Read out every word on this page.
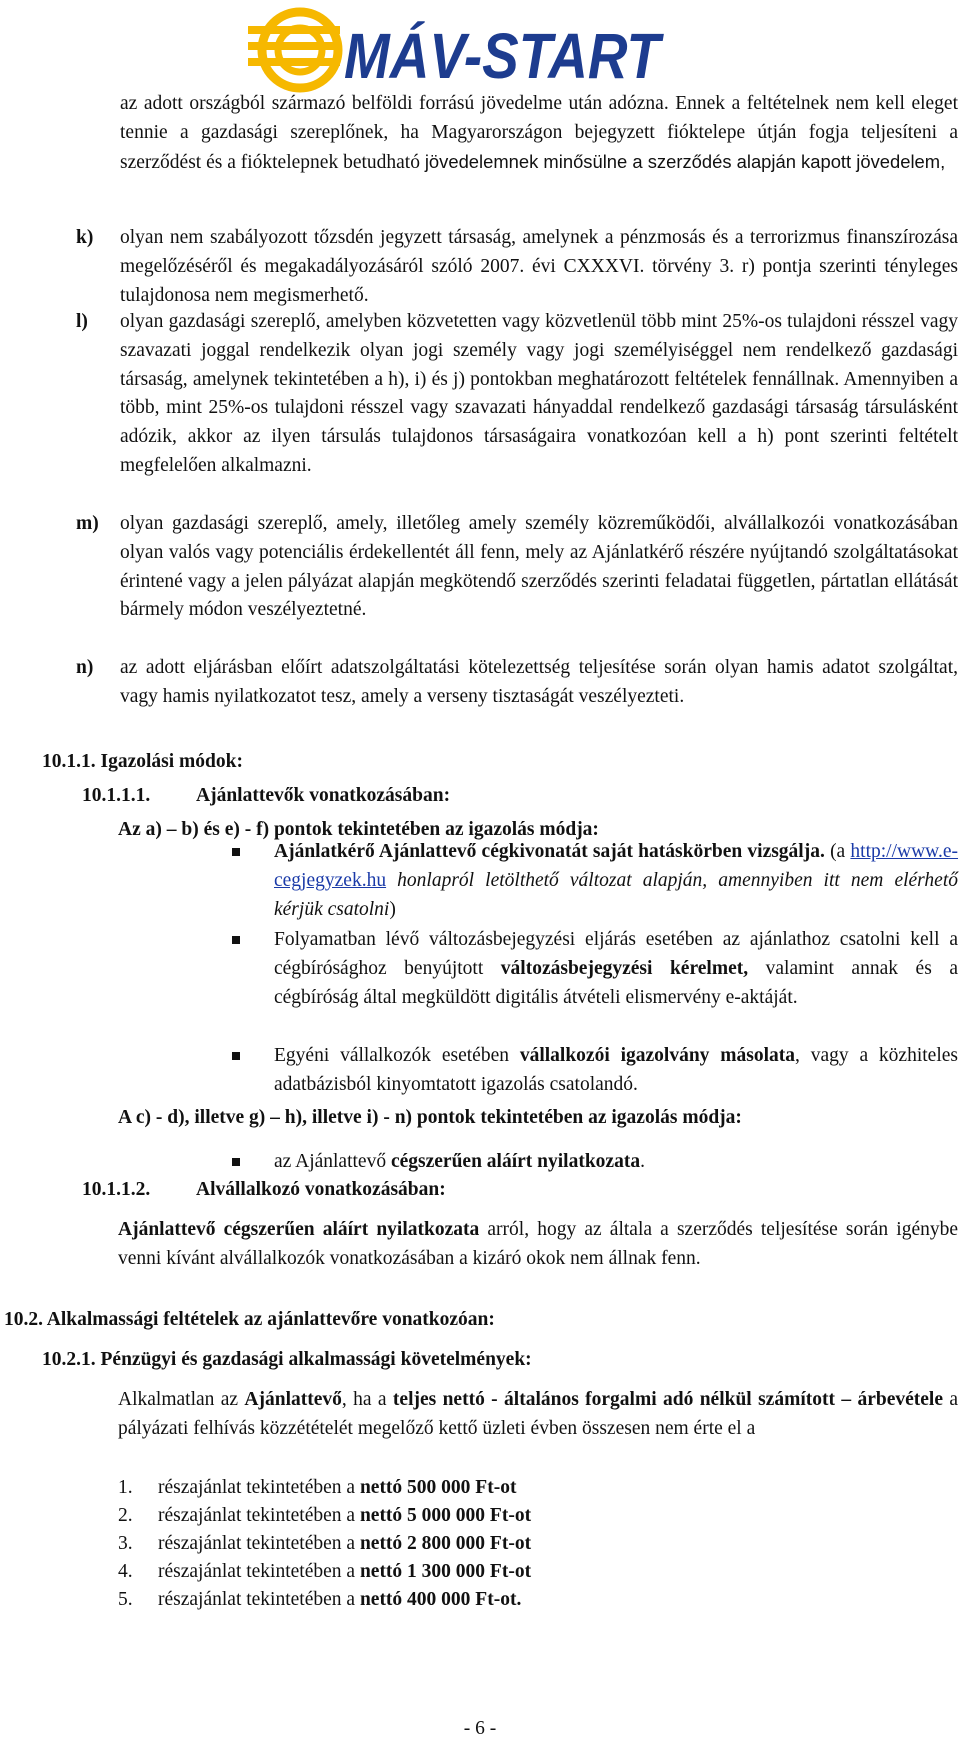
MÁV-START
az adott országból származó belföldi forrású jövedelme után adózna. Ennek a feltételnek nem kell eleget tennie a gazdasági szereplőnek, ha Magyarországon bejegyzett fióktelepe útján fogja teljesíteni a szerződést és a fióktelepnek betudható jövedelemnek minősülne a szerződés alapján kapott jövedelem,
k) olyan nem szabályozott tőzsdén jegyzett társaság, amelynek a pénzmosás és a terrorizmus finanszírozása megelőzéséről és megakadályozásáról szóló 2007. évi CXXXVI. törvény 3. r) pontja szerinti tényleges tulajdonosa nem megismerhető.
l) olyan gazdasági szereplő, amelyben közvetetten vagy közvetlenül több mint 25%-os tulajdoni résszel vagy szavazati joggal rendelkezik olyan jogi személy vagy jogi személyiséggel nem rendelkező gazdasági társaság, amelynek tekintetében a h), i) és j) pontokban meghatározott feltételek fennállnak. Amennyiben a több, mint 25%-os tulajdoni résszel vagy szavazati hányaddal rendelkező gazdasági társaság társulásként adózik, akkor az ilyen társulás tulajdonos társaságaira vonatkozóan kell a h) pont szerinti feltételt megfelelően alkalmazni.
m) olyan gazdasági szereplő, amely, illetőleg amely személy közreműködői, alvállalkozói vonatkozásában olyan valós vagy potenciális érdekellentét áll fenn, mely az Ajánlatkérő részére nyújtandó szolgáltatásokat érintené vagy a jelen pályázat alapján megkötendő szerződés szerinti feladatai független, pártatlan ellátását bármely módon veszélyeztetné.
n) az adott eljárásban előírt adatszolgáltatási kötelezettség teljesítése során olyan hamis adatot szolgáltat, vagy hamis nyilatkozatot tesz, amely a verseny tisztaságát veszélyezteti.
10.1.1. Igazolási módok:
10.1.1.1. Ajánlattevők vonatkozásában:
Az a) – b) és e) - f) pontok tekintetében az igazolás módja:
Ajánlatkérő Ajánlattevő cégkivonatát saját hatáskörben vizsgálja. (a http://www.e-cegjegyzek.hu honlapról letölthető változat alapján, amennyiben itt nem elérhető kérjük csatolni)
Folyamatban lévő változásbejegyzési eljárás esetében az ajánlathoz csatolni kell a cégbírósághoz benyújtott változásbejegyzési kérelmet, valamint annak és a cégbíróság által megküldött digitális átvételi elismervény e-aktáját.
Egyéni vállalkozók esetében vállalkozói igazolvány másolata, vagy a közhiteles adatbázisból kinyomtatott igazolás csatolandó.
A c) - d), illetve g) – h), illetve i) - n) pontok tekintetében az igazolás módja:
az Ajánlattevő cégszerűen aláírt nyilatkozata.
10.1.1.2. Alvállalkozó vonatkozásában:
Ajánlattevő cégszerűen aláírt nyilatkozata arról, hogy az általa a szerződés teljesítése során igénybe venni kívánt alvállalkozók vonatkozásában a kizáró okok nem állnak fenn.
10.2. Alkalmassági feltételek az ajánlattevőre vonatkozóan:
10.2.1. Pénzügyi és gazdasági alkalmassági követelmények:
Alkalmatlan az Ajánlattevő, ha a teljes nettó - általános forgalmi adó nélkül számított – árbevétele a pályázati felhívás közzétételét megelőző kettő üzleti évben összesen nem érte el a
1. részajánlat tekintetében a nettó 500 000 Ft-ot
2. részajánlat tekintetében a nettó 5 000 000 Ft-ot
3. részajánlat tekintetében a nettó 2 800 000 Ft-ot
4. részajánlat tekintetében a nettó 1 300 000 Ft-ot
5. részajánlat tekintetében a nettó 400 000 Ft-ot.
- 6 -
